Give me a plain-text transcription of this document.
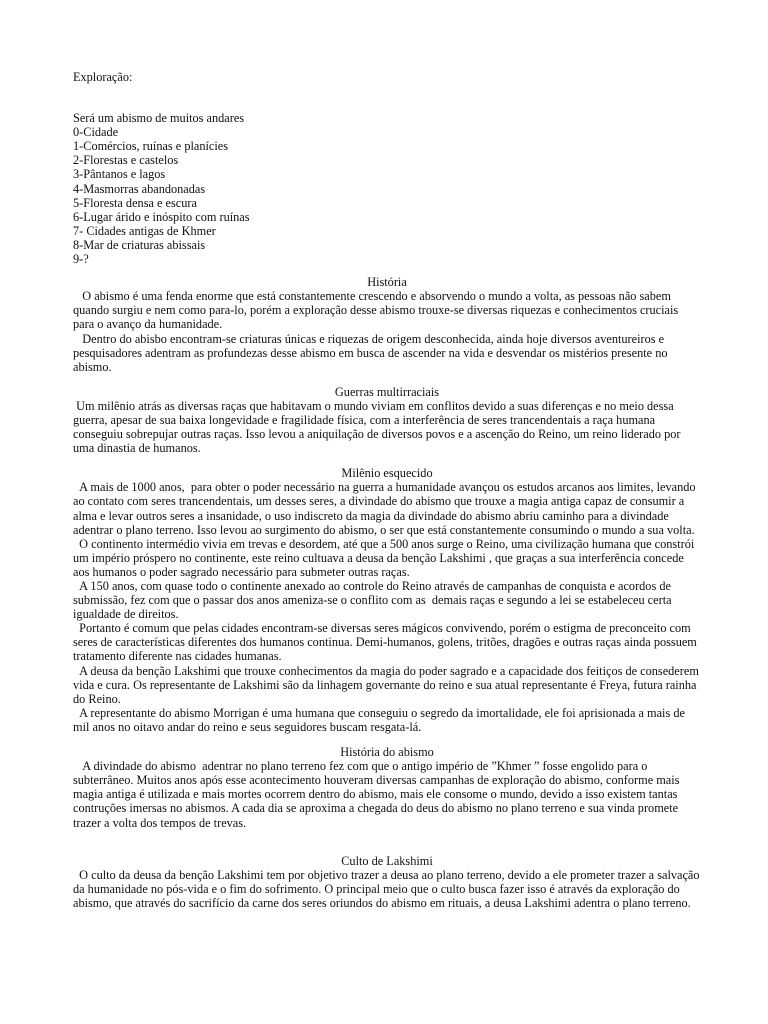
Exploração:
Será um abismo de muitos andares
0-Cidade
1-Comércios, ruínas e planícies
2-Florestas e castelos
3-Pântanos e lagos
4-Masmorras abandonadas
5-Floresta densa e escura
6-Lugar árido e inóspito com ruínas
7- Cidades antigas de Khmer
8-Mar de criaturas abissais
9-?
História

O abismo é uma fenda enorme que está constantemente crescendo e absorvendo o mundo a volta, as pessoas não sabem quando surgiu e nem como para-lo, porém a exploração desse abismo trouxe-se diversas riquezas e conhecimentos cruciais para o avanço da humanidade.

Dentro do abisbo encontram-se criaturas únicas e riquezas de origem desconhecida, ainda hoje diversos aventureiros e pesquisadores adentram as profundezas desse abismo em busca de ascender na vida e desvendar os mistérios presente no abismo.

Guerras multirraciais

Um milênio atrás as diversas raças que habitavam o mundo viviam em conflitos devido a suas diferenças e no meio dessa guerra, apesar de sua baixa longevidade e fragilidade física, com a interferência de seres trancendentais a raça humana conseguiu sobrepujar outras raças. Isso levou a aniquilação de diversos povos e a ascenção do Reino, um reino liderado por uma dinastia de humanos.

Milênio esquecido

A mais de 1000 anos,  para obter o poder necessário na guerra a humanidade avançou os estudos arcanos aos limites, levando ao contato com seres trancendentais, um desses seres, a divindade do abismo que trouxe a magia antiga capaz de consumir a alma e levar outros seres a insanidade, o uso indiscreto da magia da divindade do abismo abriu caminho para a divindade adentrar o plano terreno. Isso levou ao surgimento do abismo, o ser que está constantemente consumindo o mundo a sua volta.

O continento intermédio vivia em trevas e desordem, até que a 500 anos surge o Reino, uma civilização humana que constrói um império próspero no continente, este reino cultuava a deusa da benção Lakshimi , que graças a sua interferência concede aos humanos o poder sagrado necessário para submeter outras raças.

A 150 anos, com quase todo o continente anexado ao controle do Reino através de campanhas de conquista e acordos de submissão, fez com que o passar dos anos ameniza-se o conflito com as  demais raças e segundo a lei se estabeleceu certa igualdade de direitos.

Portanto é comum que pelas cidades encontram-se diversas seres mágicos convivendo, porém o estigma de preconceito com seres de características diferentes dos humanos continua. Demi-humanos, golens, tritões, dragões e outras raças ainda possuem tratamento diferente nas cidades humanas.

A deusa da benção Lakshimi que trouxe conhecimentos da magia do poder sagrado e a capacidade dos feitiços de consederem vida e cura. Os representante de Lakshimi são da linhagem governante do reino e sua atual representante é Freya, futura rainha do Reino.

A representante do abismo Morrigan é uma humana que conseguiu o segredo da imortalidade, ele foi aprisionada a mais de mil anos no oitavo andar do reino e seus seguidores buscam resgata-lá.

História do abismo

A divindade do abismo  adentrar no plano terreno fez com que o antigo império de ”Khmer ” fosse engolido para o subterrâneo. Muitos anos após esse acontecimento houveram diversas campanhas de exploração do abismo, conforme mais magia antiga é utilizada e mais mortes ocorrem dentro do abismo, mais ele consome o mundo, devido a isso existem tantas contruções imersas no abismos. A cada dia se aproxima a chegada do deus do abismo no plano terreno e sua vinda promete trazer a volta dos tempos de trevas.

Culto de Lakshimi

O culto da deusa da benção Lakshimi tem por objetivo trazer a deusa ao plano terreno, devido a ele prometer trazer a salvação da humanidade no pós-vida e o fim do sofrimento. O principal meio que o culto busca fazer isso é através da exploração do abismo, que através do sacrifício da carne dos seres oriundos do abismo em rituais, a deusa Lakshimi adentra o plano terreno.
